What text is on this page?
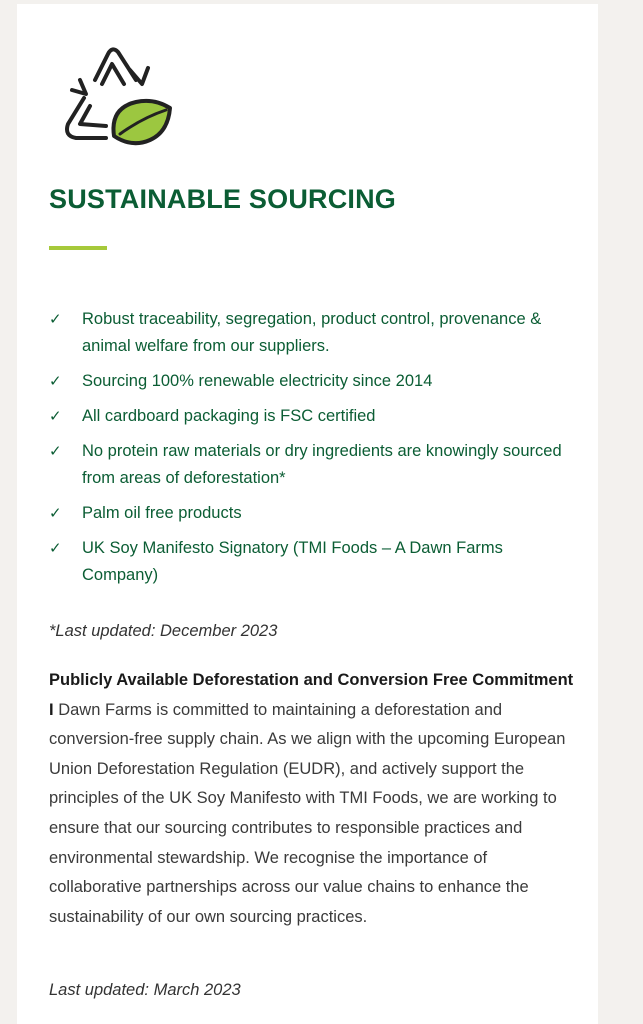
SUSTAINABLE SOURCING
✓ Robust traceability, segregation, product control, provenance & animal welfare from our suppliers.
✓ Sourcing 100% renewable electricity since 2014
✓ All cardboard packaging is FSC certified
✓ No protein raw materials or dry ingredients are knowingly sourced from areas of deforestation*
✓ Palm oil free products
✓ UK Soy Manifesto Signatory (TMI Foods – A Dawn Farms Company)

*Last updated: December 2023

Publicly Available Deforestation and Conversion Free Commitment I Dawn Farms is committed to maintaining a deforestation and conversion-free supply chain. As we align with the upcoming European Union Deforestation Regulation (EUDR), and actively support the principles of the UK Soy Manifesto with TMI Foods, we are working to ensure that our sourcing contributes to responsible practices and environmental stewardship. We recognise the importance of collaborative partnerships across our value chains to enhance the sustainability of our own sourcing practices.

Last updated: March 2023
